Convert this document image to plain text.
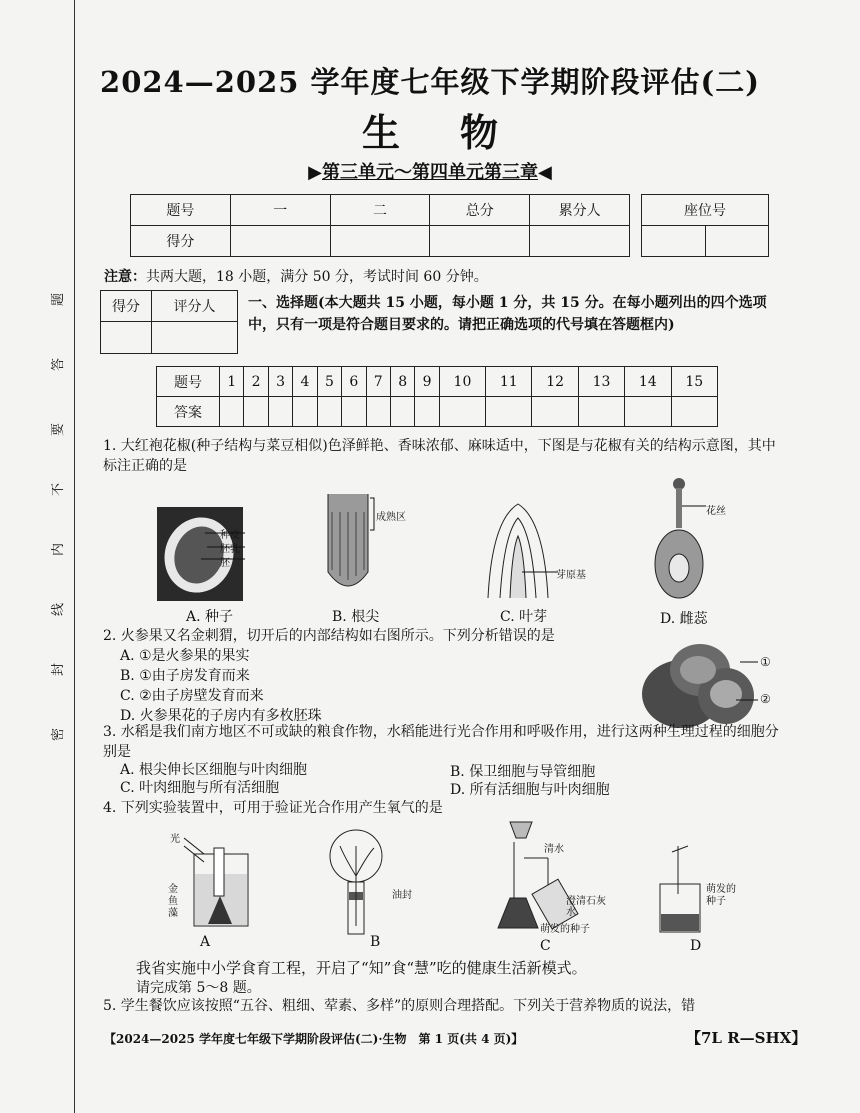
密
封
线
内
不
要
答
题
2024—2025 学年度七年级下学期阶段评估(二)
生物
▶第三单元～第四单元第三章◀
题号	一	二	总分	累分人
得分				
座位号

注意：共两大题，18 小题，满分 50 分，考试时间 60 分钟。
得分	评分人
	一、选择题(本大题共 15 小题，每小题 1 分，共 15 分。在每小题列出的四个选项中，只有一项是符合题目要求的。请把正确选项的代号填在答题框内)
题号	1	2	3	4	5	6	7	8	9	10	11	12	13	14	15
答案															
1. 大红袍花椒(种子结构与菜豆相似)色泽鲜艳、香味浓郁、麻味适中，下图是与花椒有关的结构示意图，其中标注正确的是
种皮
胚乳
胚
成熟区
芽原基
花丝
A. 种子	B. 根尖	C. 叶芽	D. 雌蕊
2. 火参果又名金刺猬，切开后的内部结构如右图所示。下列分析错误的是
A. ①是火参果的果实
B. ①由子房发育而来
C. ②由子房壁发育而来
D. 火参果花的子房内有多枚胚珠
①
②
3. 水稻是我们南方地区不可或缺的粮食作物，水稻能进行光合作用和呼吸作用，进行这两种生理过程的细胞分别是
A. 根尖伸长区细胞与叶肉细胞	B. 保卫细胞与导管细胞
C. 叶肉细胞与所有活细胞	D. 所有活细胞与叶肉细胞
4. 下列实验装置中，可用于验证光合作用产生氧气的是
光
金鱼藻
油封
清水
澄清石灰水
萌发的种子
萌发的种子
A	B	C	D
我省实施中小学食育工程，开启了“知”食“慧”吃的健康生活新模式。
请完成第 5～8 题。
5. 学生餐饮应该按照“五谷、粗细、荤素、多样”的原则合理搭配。下列关于营养物质的说法，错
【2024—2025 学年度七年级下学期阶段评估(二)·生物　第 1 页(共 4 页)】	【7L R—SHX】
